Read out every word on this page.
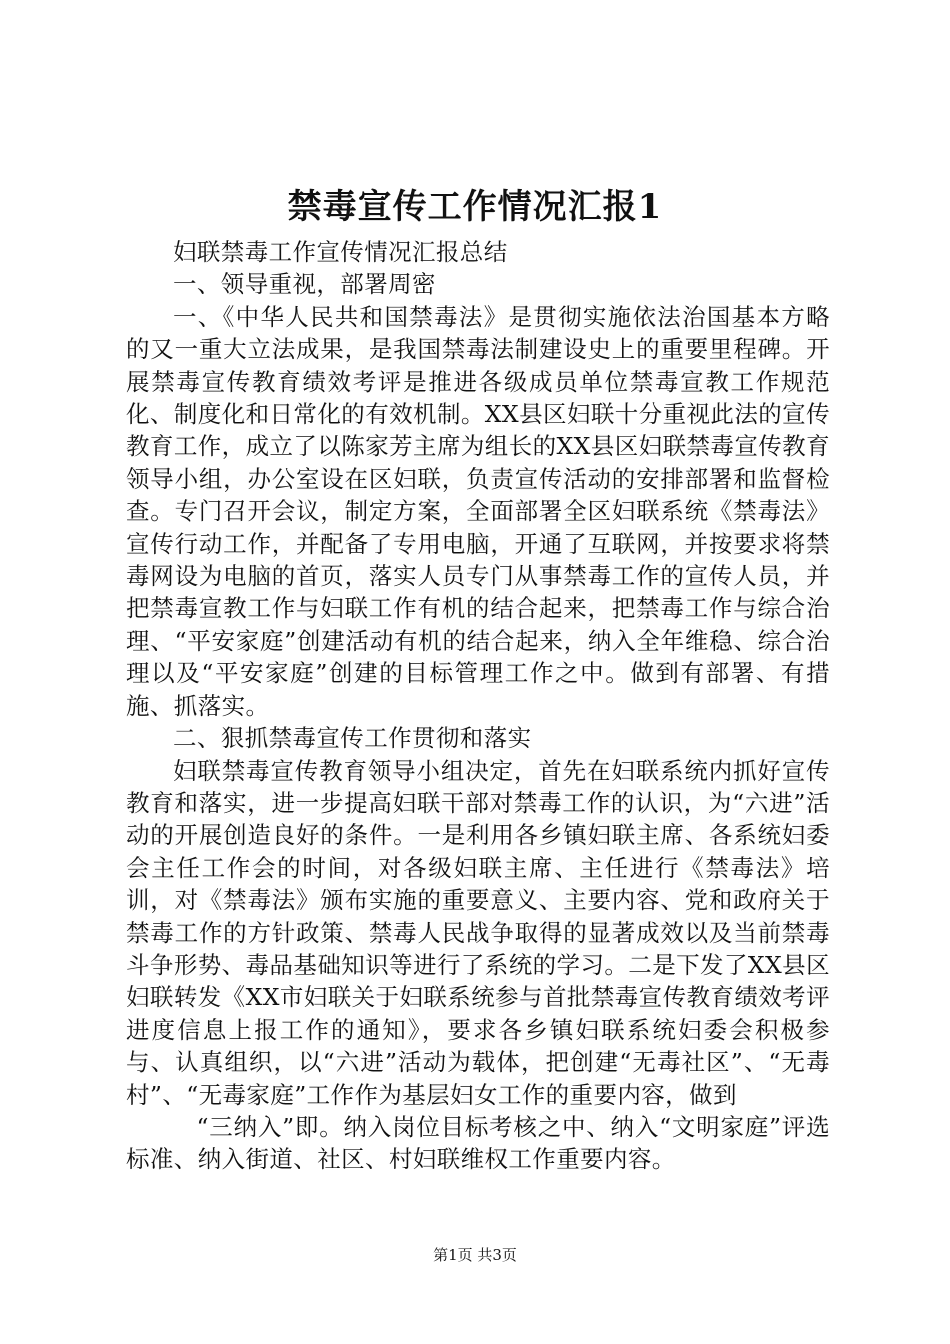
禁毒宣传工作情况汇报1

妇联禁毒工作宣传情况汇报总结

一、领导重视，部署周密

一、《中华人民共和国禁毒法》是贯彻实施依法治国基本方略的又一重大立法成果，是我国禁毒法制建设史上的重要里程碑。开展禁毒宣传教育绩效考评是推进各级成员单位禁毒宣教工作规范化、制度化和日常化的有效机制。XX县区妇联十分重视此法的宣传教育工作，成立了以陈家芳主席为组长的XX县区妇联禁毒宣传教育领导小组，办公室设在区妇联，负责宣传活动的安排部署和监督检查。专门召开会议，制定方案，全面部署全区妇联系统《禁毒法》宣传行动工作，并配备了专用电脑，开通了互联网，并按要求将禁毒网设为电脑的首页，落实人员专门从事禁毒工作的宣传人员，并把禁毒宣教工作与妇联工作有机的结合起来，把禁毒工作与综合治理、“平安家庭”创建活动有机的结合起来，纳入全年维稳、综合治理以及“平安家庭”创建的目标管理工作之中。做到有部署、有措施、抓落实。

二、狠抓禁毒宣传工作贯彻和落实

妇联禁毒宣传教育领导小组决定，首先在妇联系统内抓好宣传教育和落实，进一步提高妇联干部对禁毒工作的认识，为“六进”活动的开展创造良好的条件。一是利用各乡镇妇联主席、各系统妇委会主任工作会的时间，对各级妇联主席、主任进行《禁毒法》培训，对《禁毒法》颁布实施的重要意义、主要内容、党和政府关于禁毒工作的方针政策、禁毒人民战争取得的显著成效以及当前禁毒斗争形势、毒品基础知识等进行了系统的学习。二是下发了XX县区妇联转发《XX市妇联关于妇联系统参与首批禁毒宣传教育绩效考评进度信息上报工作的通知》，要求各乡镇妇联系统妇委会积极参与、认真组织，以“六进”活动为载体，把创建“无毒社区”、“无毒村”、“无毒家庭”工作作为基层妇女工作的重要内容，做到

“三纳入”即。纳入岗位目标考核之中、纳入“文明家庭”评选标准、纳入街道、社区、村妇联维权工作重要内容。

第1页 共3页
